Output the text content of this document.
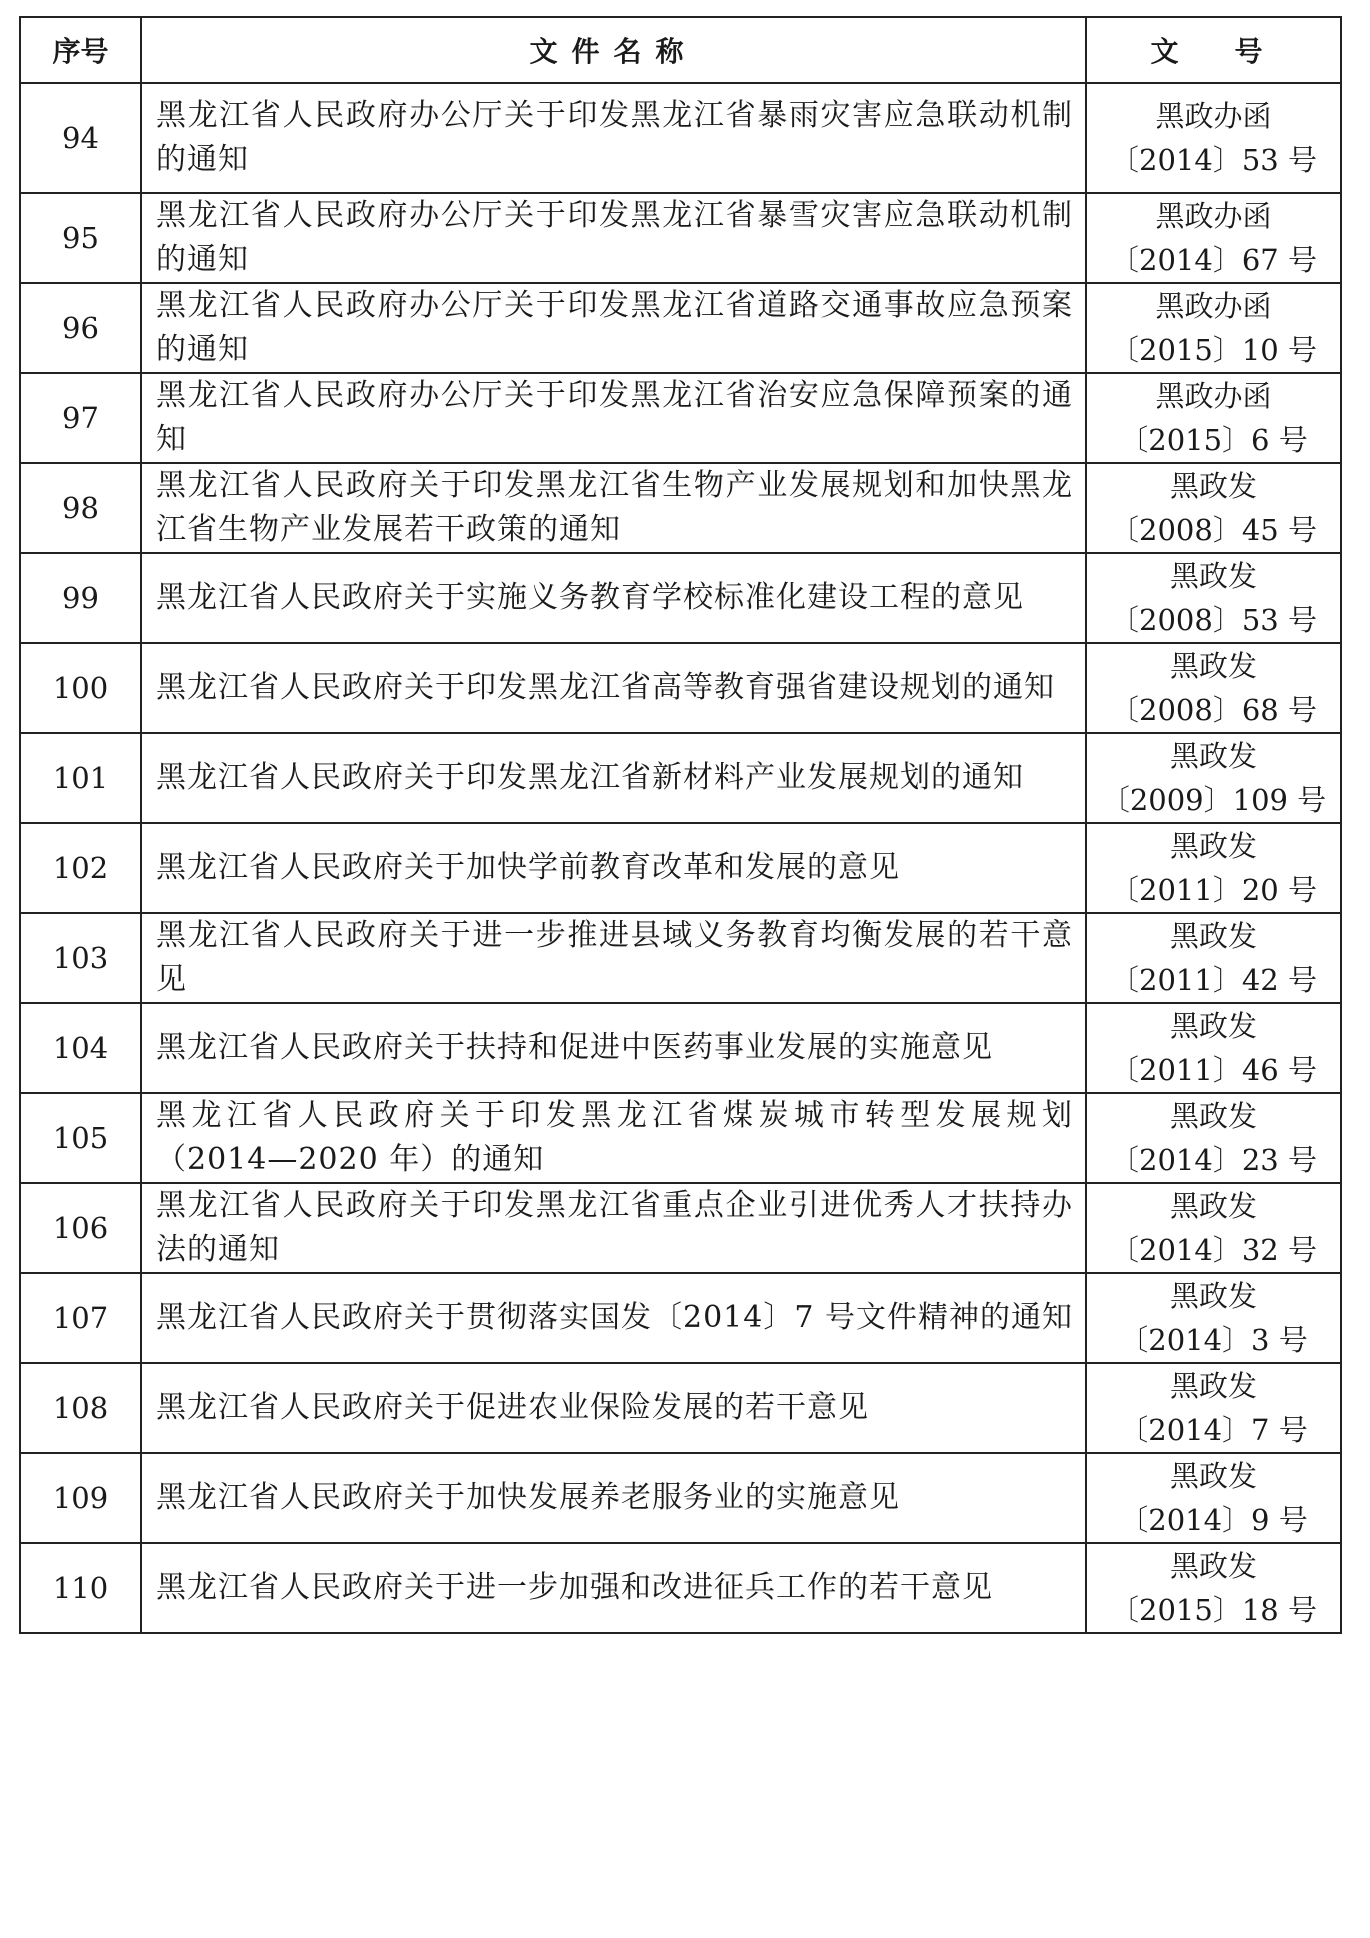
序号	文件名称	文　号
94	黑龙江省人民政府办公厅关于印发黑龙江省暴雨灾害应急联动机制的通知	黑政办函
〔2014〕53 号

95	黑龙江省人民政府办公厅关于印发黑龙江省暴雪灾害应急联动机制的通知	黑政办函
〔2014〕67 号

96	黑龙江省人民政府办公厅关于印发黑龙江省道路交通事故应急预案的通知	黑政办函
〔2015〕10 号

97	黑龙江省人民政府办公厅关于印发黑龙江省治安应急保障预案的通知	黑政办函
〔2015〕6 号

98	黑龙江省人民政府关于印发黑龙江省生物产业发展规划和加快黑龙江省生物产业发展若干政策的通知	黑政发
〔2008〕45 号

99	黑龙江省人民政府关于实施义务教育学校标准化建设工程的意见	黑政发
〔2008〕53 号

100	黑龙江省人民政府关于印发黑龙江省高等教育强省建设规划的通知	黑政发
〔2008〕68 号

101	黑龙江省人民政府关于印发黑龙江省新材料产业发展规划的通知	黑政发
〔2009〕109 号

102	黑龙江省人民政府关于加快学前教育改革和发展的意见	黑政发
〔2011〕20 号

103	黑龙江省人民政府关于进一步推进县域义务教育均衡发展的若干意见	黑政发
〔2011〕42 号

104	黑龙江省人民政府关于扶持和促进中医药事业发展的实施意见	黑政发
〔2011〕46 号

105	黑龙江省人民政府关于印发黑龙江省煤炭城市转型发展规划（2014—2020 年）的通知	黑政发
〔2014〕23 号

106	黑龙江省人民政府关于印发黑龙江省重点企业引进优秀人才扶持办法的通知	黑政发
〔2014〕32 号

107	黑龙江省人民政府关于贯彻落实国发〔2014〕7 号文件精神的通知	黑政发
〔2014〕3 号

108	黑龙江省人民政府关于促进农业保险发展的若干意见	黑政发
〔2014〕7 号

109	黑龙江省人民政府关于加快发展养老服务业的实施意见	黑政发
〔2014〕9 号

110	黑龙江省人民政府关于进一步加强和改进征兵工作的若干意见	黑政发
〔2015〕18 号
